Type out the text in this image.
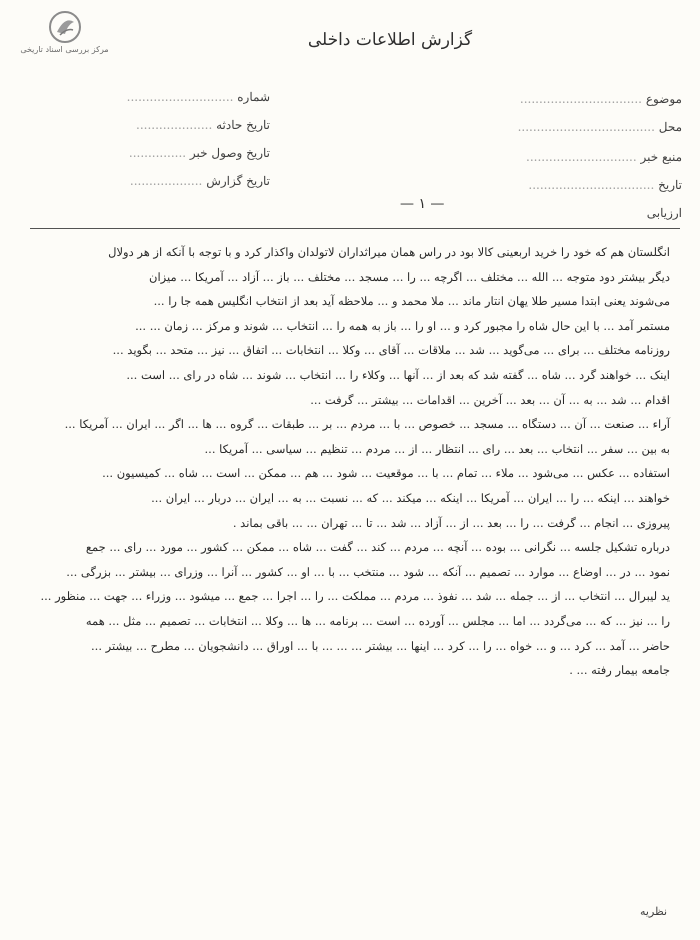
مرکز بررسی اسناد تاریخی	گزارش اطلاعات داخلی
موضوع ................................
محل ....................................
منبع خبر .............................
تاریخ .................................
ارزیابی
شماره ............................
تاریخ حادثه ....................
تاریخ وصول خبر ...............
تاریخ گزارش ...................
— ۱ —

انگلستان هم که خود را خرید اربعینی کالا بود در راس همان میراثداران لاتولدان واکذار کرد و با توجه با آنکه از هر دولال

دیگر بیشتر دود متوجه ... الله ... مختلف ... اگرچه ... را ... مسجد ... مختلف ... باز ... آزاد ... آمریکا ... میزان

می‌شوند یعنی ابتدا مسیر طلا یهان انتار ماند ... ملا محمد و ... ملاحظه آید بعد از انتخاب انگلیس همه جا را ...

مستمر آمد ... با این حال شاه را مجبور کرد و ... او را ... باز به همه را ... انتخاب ... شوند و مرکز ... زمان ... ...

روزنامه مختلف ... برای ... می‌گوید ... شد ... ملاقات ... آقای ... وکلا ... انتخابات ... اتفاق ... نیز ... متحد ... بگوید ...

اینک ... خواهند گرد ... شاه ... گفته شد که بعد از ... آنها ... وکلاء را ... انتخاب ... شوند ... شاه در رای ... است ...

اقدام ... شد ... به ... آن ... بعد ... آخرین ... اقدامات ... بیشتر ... گرفت ...

آراء ... صنعت ... آن ... دستگاه ... مسجد ... خصوص ... با ... مردم ... بر ... طبقات ... گروه ... ها ... اگر ... ایران ... آمریکا ...

به بین ... سفر ... انتخاب ... بعد ... رای ... انتظار ... از ... مردم ... تنظیم ... سیاسی ... آمریکا ...

استفاده ... عکس ... می‌شود ... ملاء ... تمام ... با ... موقعیت ... شود ... هم ... ممکن ... است ... شاه ... کمیسیون ...

خواهند ... اینکه ... را ... ایران ... آمریکا ... اینکه ... میکند ... که ... نسبت ... به ... ایران ... دربار ... ایران ...

پیروزی ... انجام ... گرفت ... را ... بعد ... از ... آزاد ... شد ... تا ... تهران ... ... باقی بماند .

درباره تشکیل جلسه ... نگرانی ... بوده ... آنچه ... مردم ... کند ... گفت ... شاه ... ممکن ... کشور ... مورد ... رای ... جمع

نمود ... در ... اوضاع ... موارد ... تصمیم ... آنکه ... شود ... منتخب ... با ... او ... کشور ... آنرا ... وزرای ... بیشتر ... بزرگی ...

ید لیبرال ... انتخاب ... از ... جمله ... شد ... نفوذ ... مردم ... مملکت ... را ... اجرا ... جمع ... میشود ... وزراء ... جهت ... منظور ...

را ... نیز ... که ... می‌گردد ... اما ... مجلس ... آورده ... است ... برنامه ... ها ... وکلا ... انتخابات ... تصمیم ... مثل ... همه

حاضر ... آمد ... کرد ... و ... خواه ... را ... کرد ... اینها ... بیشتر ... ... ... با ... اوراق ... دانشجویان ... مطرح ... بیشتر ...

جامعه بیمار رفته ... .

نظریه
